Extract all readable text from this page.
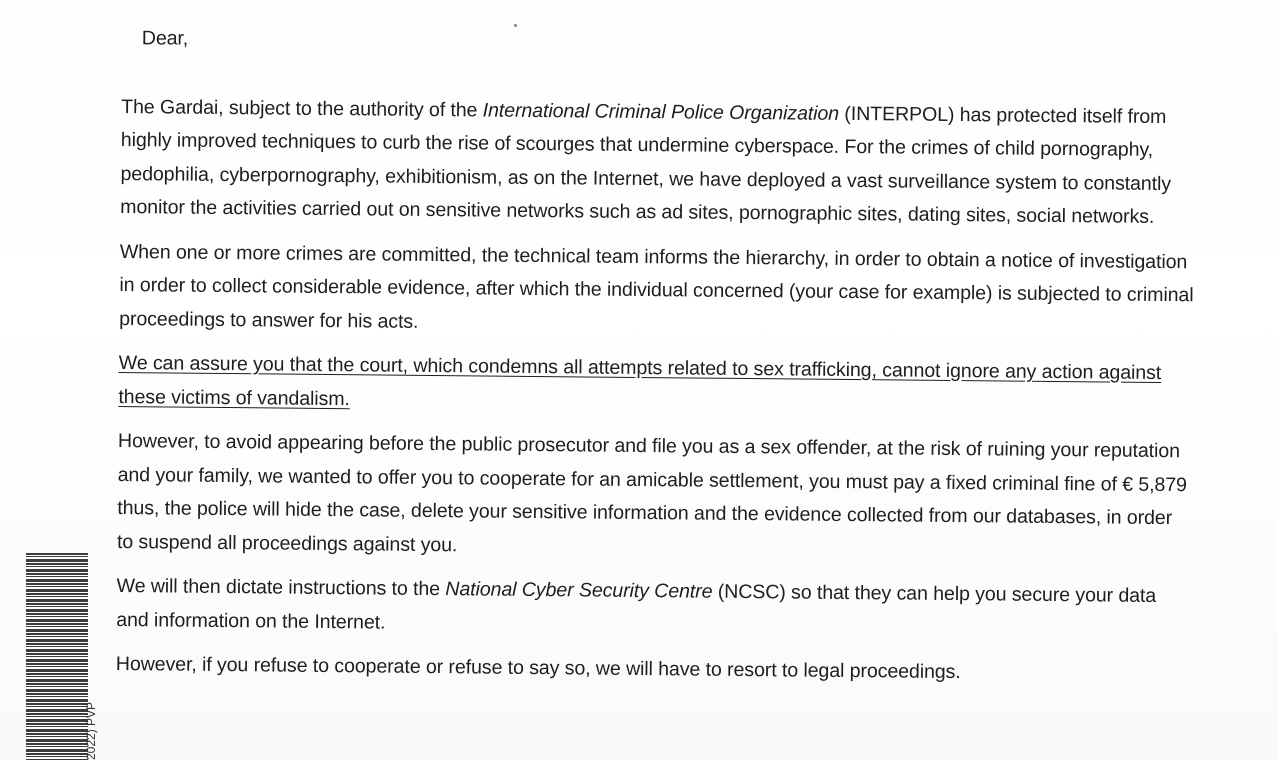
Dear,

The Gardai, subject to the authority of the International Criminal Police Organization (INTERPOL) has protected itself from highly improved techniques to curb the rise of scourges that undermine cyberspace. For the crimes of child pornography, pedophilia, cyberpornography, exhibitionism, as on the Internet, we have deployed a vast surveillance system to constantly monitor the activities carried out on sensitive networks such as ad sites, pornographic sites, dating sites, social networks.

When one or more crimes are committed, the technical team informs the hierarchy, in order to obtain a notice of investigation in order to collect considerable evidence, after which the individual concerned (your case for example) is subjected to criminal proceedings to answer for his acts.

We can assure you that the court, which condemns all attempts related to sex trafficking, cannot ignore any action against these victims of vandalism.

However, to avoid appearing before the public prosecutor and file you as a sex offender, at the risk of ruining your reputation and your family, we wanted to offer you to cooperate for an amicable settlement, you must pay a fixed criminal fine of € 5,879 thus, the police will hide the case, delete your sensitive information and the evidence collected from our databases, in order to suspend all proceedings against you.

We will then dictate instructions to the National Cyber Security Centre (NCSC) so that they can help you secure your data and information on the Internet.

However, if you refuse to cooperate or refuse to say so, we will have to resort to legal proceedings.

2022) PVP
